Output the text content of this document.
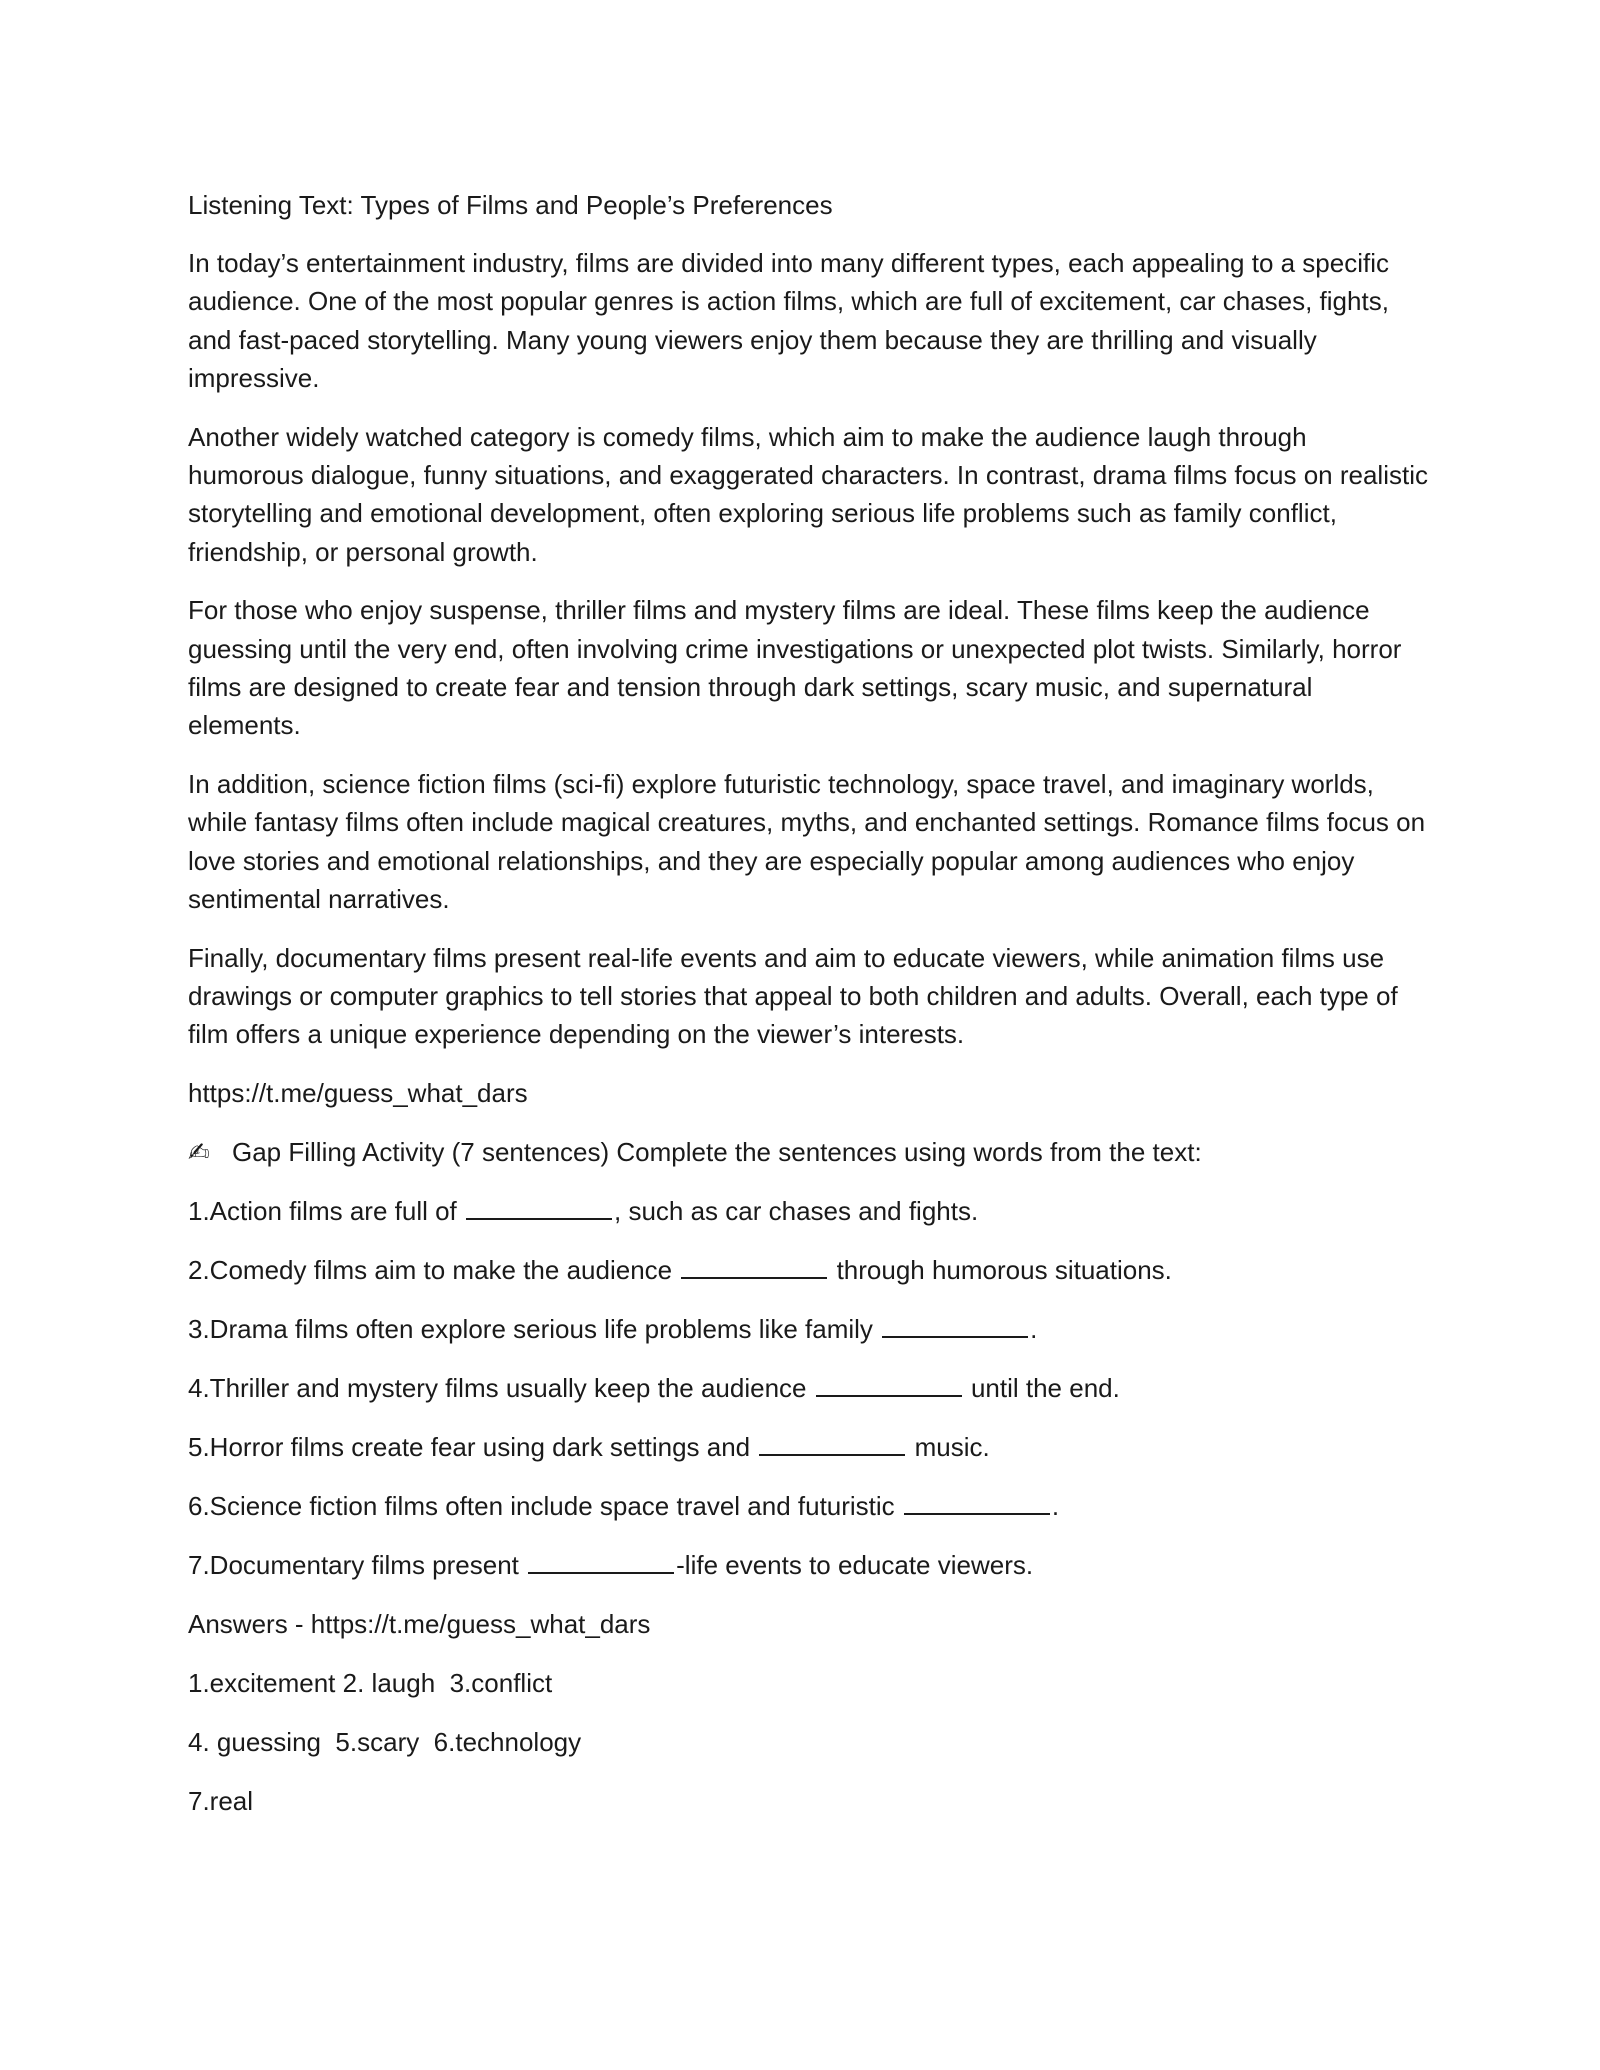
Listening Text: Types of Films and People’s Preferences
In today’s entertainment industry, films are divided into many different types, each appealing to a specific audience. One of the most popular genres is action films, which are full of excitement, car chases, fights, and fast-paced storytelling. Many young viewers enjoy them because they are thrilling and visually impressive.
Another widely watched category is comedy films, which aim to make the audience laugh through humorous dialogue, funny situations, and exaggerated characters. In contrast, drama films focus on realistic storytelling and emotional development, often exploring serious life problems such as family conflict, friendship, or personal growth.
For those who enjoy suspense, thriller films and mystery films are ideal. These films keep the audience guessing until the very end, often involving crime investigations or unexpected plot twists. Similarly, horror films are designed to create fear and tension through dark settings, scary music, and supernatural elements.
In addition, science fiction films (sci-fi) explore futuristic technology, space travel, and imaginary worlds, while fantasy films often include magical creatures, myths, and enchanted settings. Romance films focus on love stories and emotional relationships, and they are especially popular among audiences who enjoy sentimental narratives.
Finally, documentary films present real-life events and aim to educate viewers, while animation films use drawings or computer graphics to tell stories that appeal to both children and adults. Overall, each type of film offers a unique experience depending on the viewer’s interests.
https://t.me/guess_what_dars
✍ Gap Filling Activity (7 sentences) Complete the sentences using words from the text:
1.Action films are full of	, such as car chases and fights.
2.Comedy films aim to make the audience	through humorous situations.
3.Drama films often explore serious life problems like family	.
4.Thriller and mystery films usually keep the audience	until the end.
5.Horror films create fear using dark settings and	music.
6.Science fiction films often include space travel and futuristic	.
7.Documentary films present	-life events to educate viewers.
Answers - https://t.me/guess_what_dars
1.excitement 2. laugh  3.conflict
4. guessing  5.scary  6.technology
7.real
